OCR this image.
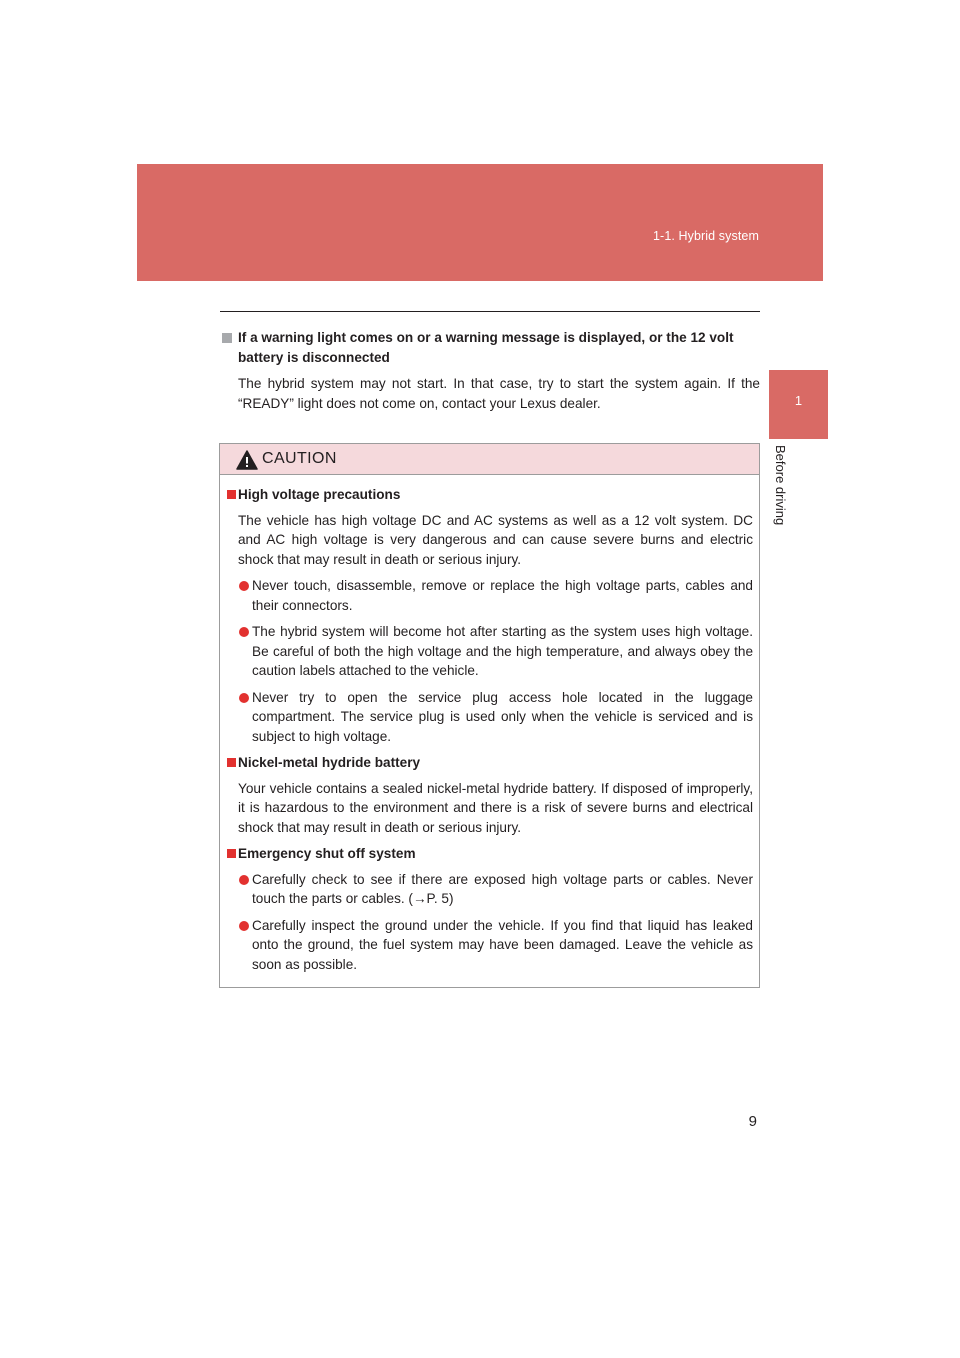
1-1. Hybrid system
1
Before driving
If a warning light comes on or a warning message is displayed, or the 12 volt battery is disconnected
The hybrid system may not start. In that case, try to start the system again. If the “READY” light does not come on, contact your Lexus dealer.
CAUTION
High voltage precautions
The vehicle has high voltage DC and AC systems as well as a 12 volt system. DC and AC high voltage is very dangerous and can cause severe burns and electric shock that may result in death or serious injury.
Never touch, disassemble, remove or replace the high voltage parts, cables and their connectors.
The hybrid system will become hot after starting as the system uses high voltage. Be careful of both the high voltage and the high temperature, and always obey the caution labels attached to the vehicle.
Never try to open the service plug access hole located in the luggage compartment. The service plug is used only when the vehicle is serviced and is subject to high voltage.
Nickel-metal hydride battery
Your vehicle contains a sealed nickel-metal hydride battery. If disposed of improperly, it is hazardous to the environment and there is a risk of severe burns and electrical shock that may result in death or serious injury.
Emergency shut off system
Carefully check to see if there are exposed high voltage parts or cables. Never touch the parts or cables. (→P. 5)
Carefully inspect the ground under the vehicle. If you find that liquid has leaked onto the ground, the fuel system may have been damaged. Leave the vehicle as soon as possible.
9
